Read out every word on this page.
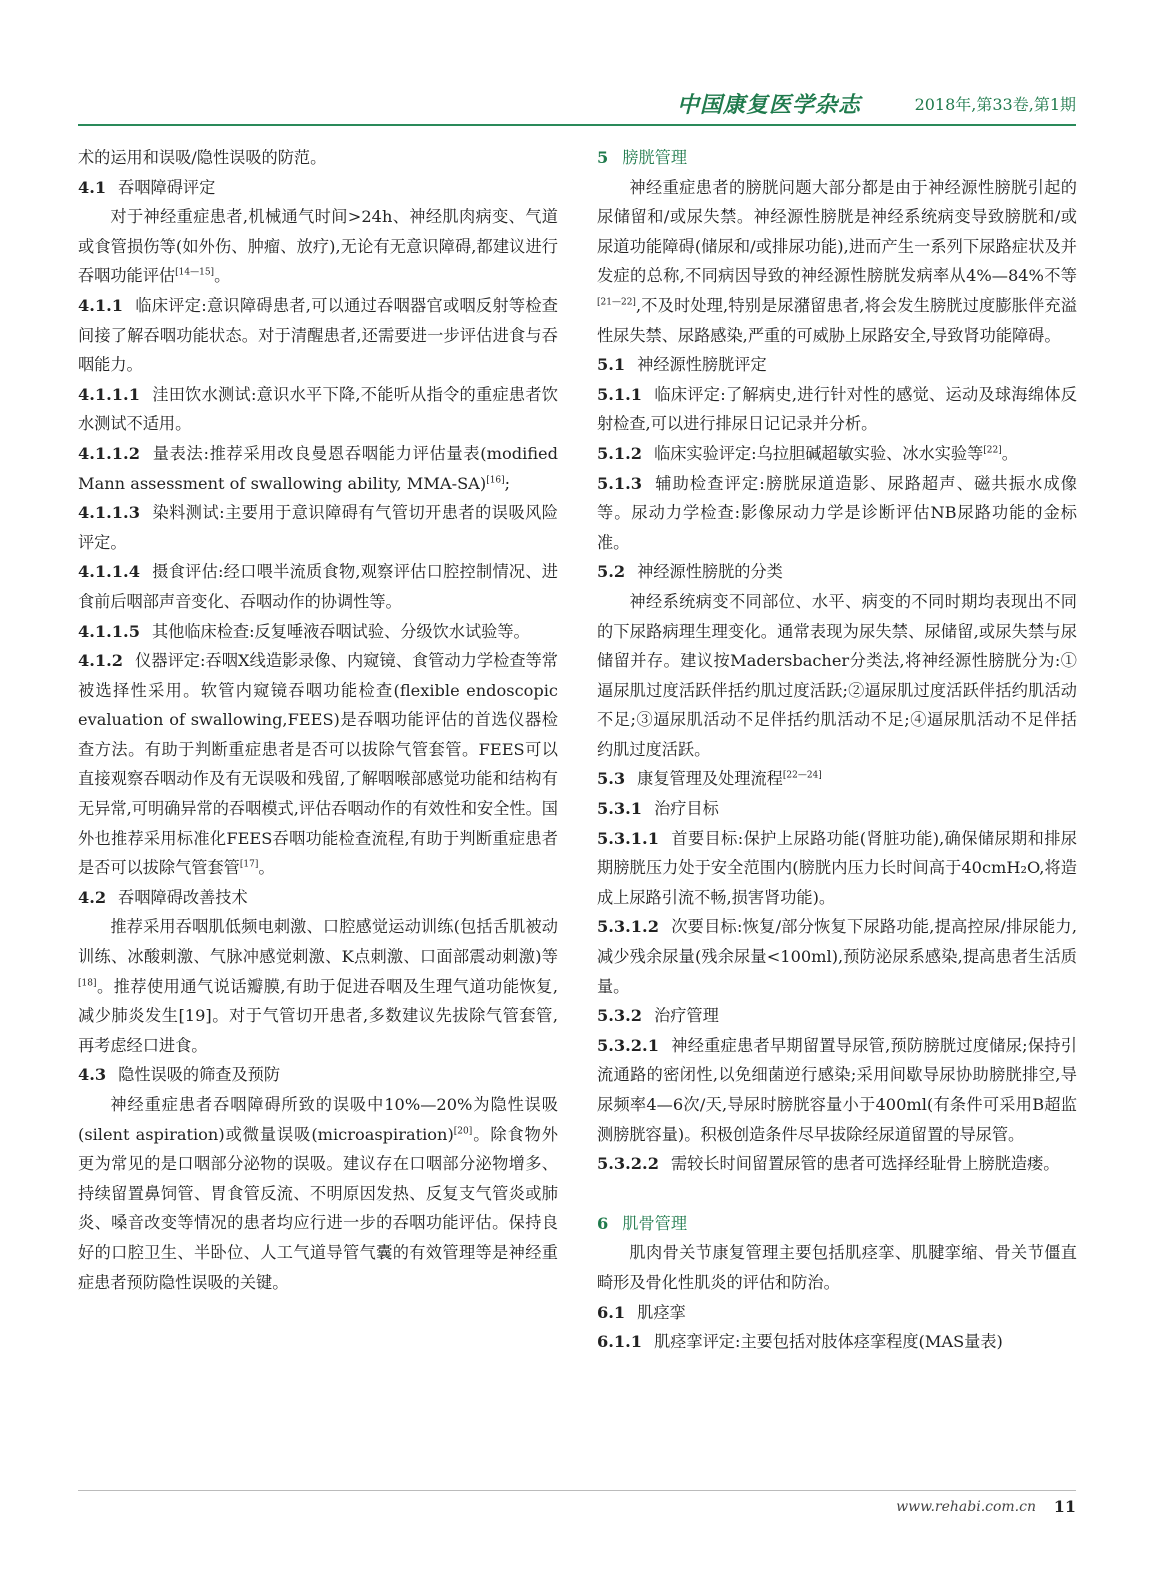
中国康复医学杂志	2018年,第33卷,第1期

术的运用和误吸/隐性误吸的防范。

4.1 吞咽障碍评定

对于神经重症患者,机械通气时间>24h、神经肌肉病变、气道或食管损伤等(如外伤、肿瘤、放疗),无论有无意识障碍,都建议进行吞咽功能评估[14—15]。

4.1.1 临床评定:意识障碍患者,可以通过吞咽器官或咽反射等检查间接了解吞咽功能状态。对于清醒患者,还需要进一步评估进食与吞咽能力。

4.1.1.1 洼田饮水测试:意识水平下降,不能听从指令的重症患者饮水测试不适用。

4.1.1.2 量表法:推荐采用改良曼恩吞咽能力评估量表(modified Mann assessment of swallowing ability, MMA-SA)[16];

4.1.1.3 染料测试:主要用于意识障碍有气管切开患者的误吸风险评定。

4.1.1.4 摄食评估:经口喂半流质食物,观察评估口腔控制情况、进食前后咽部声音变化、吞咽动作的协调性等。

4.1.1.5 其他临床检查:反复唾液吞咽试验、分级饮水试验等。

4.1.2 仪器评定:吞咽X线造影录像、内窥镜、食管动力学检查等常被选择性采用。软管内窥镜吞咽功能检查(flexible endoscopic evaluation of swallowing,FEES)是吞咽功能评估的首选仪器检查方法。有助于判断重症患者是否可以拔除气管套管。FEES可以直接观察吞咽动作及有无误吸和残留,了解咽喉部感觉功能和结构有无异常,可明确异常的吞咽模式,评估吞咽动作的有效性和安全性。国外也推荐采用标准化FEES吞咽功能检查流程,有助于判断重症患者是否可以拔除气管套管[17]。

4.2 吞咽障碍改善技术

推荐采用吞咽肌低频电刺激、口腔感觉运动训练(包括舌肌被动训练、冰酸刺激、气脉冲感觉刺激、K点刺激、口面部震动刺激)等[18]。推荐使用通气说话瓣膜,有助于促进吞咽及生理气道功能恢复,减少肺炎发生[19]。对于气管切开患者,多数建议先拔除气管套管,再考虑经口进食。

4.3 隐性误吸的筛查及预防

神经重症患者吞咽障碍所致的误吸中10%—20%为隐性误吸(silent aspiration)或微量误吸(microaspiration)[20]。除食物外更为常见的是口咽部分泌物的误吸。建议存在口咽部分泌物增多、持续留置鼻饲管、胃食管反流、不明原因发热、反复支气管炎或肺炎、嗓音改变等情况的患者均应行进一步的吞咽功能评估。保持良好的口腔卫生、半卧位、人工气道导管气囊的有效管理等是神经重症患者预防隐性误吸的关键。

5 膀胱管理

神经重症患者的膀胱问题大部分都是由于神经源性膀胱引起的尿储留和/或尿失禁。神经源性膀胱是神经系统病变导致膀胱和/或尿道功能障碍(储尿和/或排尿功能),进而产生一系列下尿路症状及并发症的总称,不同病因导致的神经源性膀胱发病率从4%—84%不等[21—22],不及时处理,特别是尿潴留患者,将会发生膀胱过度膨胀伴充溢性尿失禁、尿路感染,严重的可威胁上尿路安全,导致肾功能障碍。

5.1 神经源性膀胱评定

5.1.1 临床评定:了解病史,进行针对性的感觉、运动及球海绵体反射检查,可以进行排尿日记记录并分析。

5.1.2 临床实验评定:乌拉胆碱超敏实验、冰水实验等[22]。

5.1.3 辅助检查评定:膀胱尿道造影、尿路超声、磁共振水成像等。尿动力学检查:影像尿动力学是诊断评估NB尿路功能的金标准。

5.2 神经源性膀胱的分类

神经系统病变不同部位、水平、病变的不同时期均表现出不同的下尿路病理生理变化。通常表现为尿失禁、尿储留,或尿失禁与尿储留并存。建议按Madersbacher分类法,将神经源性膀胱分为:①逼尿肌过度活跃伴括约肌过度活跃;②逼尿肌过度活跃伴括约肌活动不足;③逼尿肌活动不足伴括约肌活动不足;④逼尿肌活动不足伴括约肌过度活跃。

5.3 康复管理及处理流程[22—24]

5.3.1 治疗目标

5.3.1.1 首要目标:保护上尿路功能(肾脏功能),确保储尿期和排尿期膀胱压力处于安全范围内(膀胱内压力长时间高于40cmH₂O,将造成上尿路引流不畅,损害肾功能)。

5.3.1.2 次要目标:恢复/部分恢复下尿路功能,提高控尿/排尿能力,减少残余尿量(残余尿量<100ml),预防泌尿系感染,提高患者生活质量。

5.3.2 治疗管理

5.3.2.1 神经重症患者早期留置导尿管,预防膀胱过度储尿;保持引流通路的密闭性,以免细菌逆行感染;采用间歇导尿协助膀胱排空,导尿频率4—6次/天,导尿时膀胱容量小于400ml(有条件可采用B超监测膀胱容量)。积极创造条件尽早拔除经尿道留置的导尿管。

5.3.2.2 需较长时间留置尿管的患者可选择经耻骨上膀胱造瘘。

6 肌骨管理

肌肉骨关节康复管理主要包括肌痉挛、肌腱挛缩、骨关节僵直畸形及骨化性肌炎的评估和防治。

6.1 肌痉挛

6.1.1 肌痉挛评定:主要包括对肢体痉挛程度(MAS量表)

www.rehabi.com.cn 11
